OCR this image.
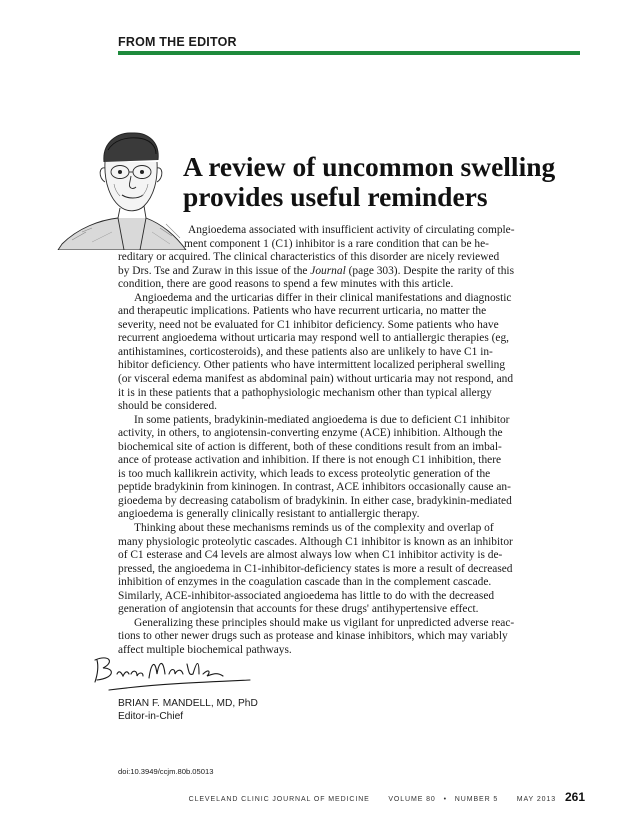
FROM THE EDITOR
A review of uncommon swelling
provides useful reminders
Angioedema associated with insufficient activity of circulating comple-
ment component 1 (C1) inhibitor is a rare condition that can be he-
reditary or acquired. The clinical characteristics of this disorder are nicely reviewed
by Drs. Tse and Zuraw in this issue of the Journal (page 303). Despite the rarity of this
condition, there are good reasons to spend a few minutes with this article.
Angioedema and the urticarias differ in their clinical manifestations and diagnostic
and therapeutic implications. Patients who have recurrent urticaria, no matter the
severity, need not be evaluated for C1 inhibitor deficiency. Some patients who have
recurrent angioedema without urticaria may respond well to antiallergic therapies (eg,
antihistamines, corticosteroids), and these patients also are unlikely to have C1 in-
hibitor deficiency. Other patients who have intermittent localized peripheral swelling
(or visceral edema manifest as abdominal pain) without urticaria may not respond, and
it is in these patients that a pathophysiologic mechanism other than typical allergy
should be considered.
In some patients, bradykinin-mediated angioedema is due to deficient C1 inhibitor
activity, in others, to angiotensin-converting enzyme (ACE) inhibition. Although the
biochemical site of action is different, both of these conditions result from an imbal-
ance of protease activation and inhibition. If there is not enough C1 inhibition, there
is too much kallikrein activity, which leads to excess proteolytic generation of the
peptide bradykinin from kininogen. In contrast, ACE inhibitors occasionally cause an-
gioedema by decreasing catabolism of bradykinin. In either case, bradykinin-mediated
angioedema is generally clinically resistant to antiallergic therapy.
Thinking about these mechanisms reminds us of the complexity and overlap of
many physiologic proteolytic cascades. Although C1 inhibitor is known as an inhibitor
of C1 esterase and C4 levels are almost always low when C1 inhibitor activity is de-
pressed, the angioedema in C1-inhibitor-deficiency states is more a result of decreased
inhibition of enzymes in the coagulation cascade than in the complement cascade.
Similarly, ACE-inhibitor-associated angioedema has little to do with the decreased
generation of angiotensin that accounts for these drugs' antihypertensive effect.
Generalizing these principles should make us vigilant for unpredicted adverse reac-
tions to other newer drugs such as protease and kinase inhibitors, which may variably
affect multiple biochemical pathways.
BRIAN F. MANDELL, MD, PhD
Editor-in-Chief
doi:10.3949/ccjm.80b.05013
CLEVELAND CLINIC JOURNAL OF MEDICINE	VOLUME 80 • NUMBER 5	MAY 2013 261
